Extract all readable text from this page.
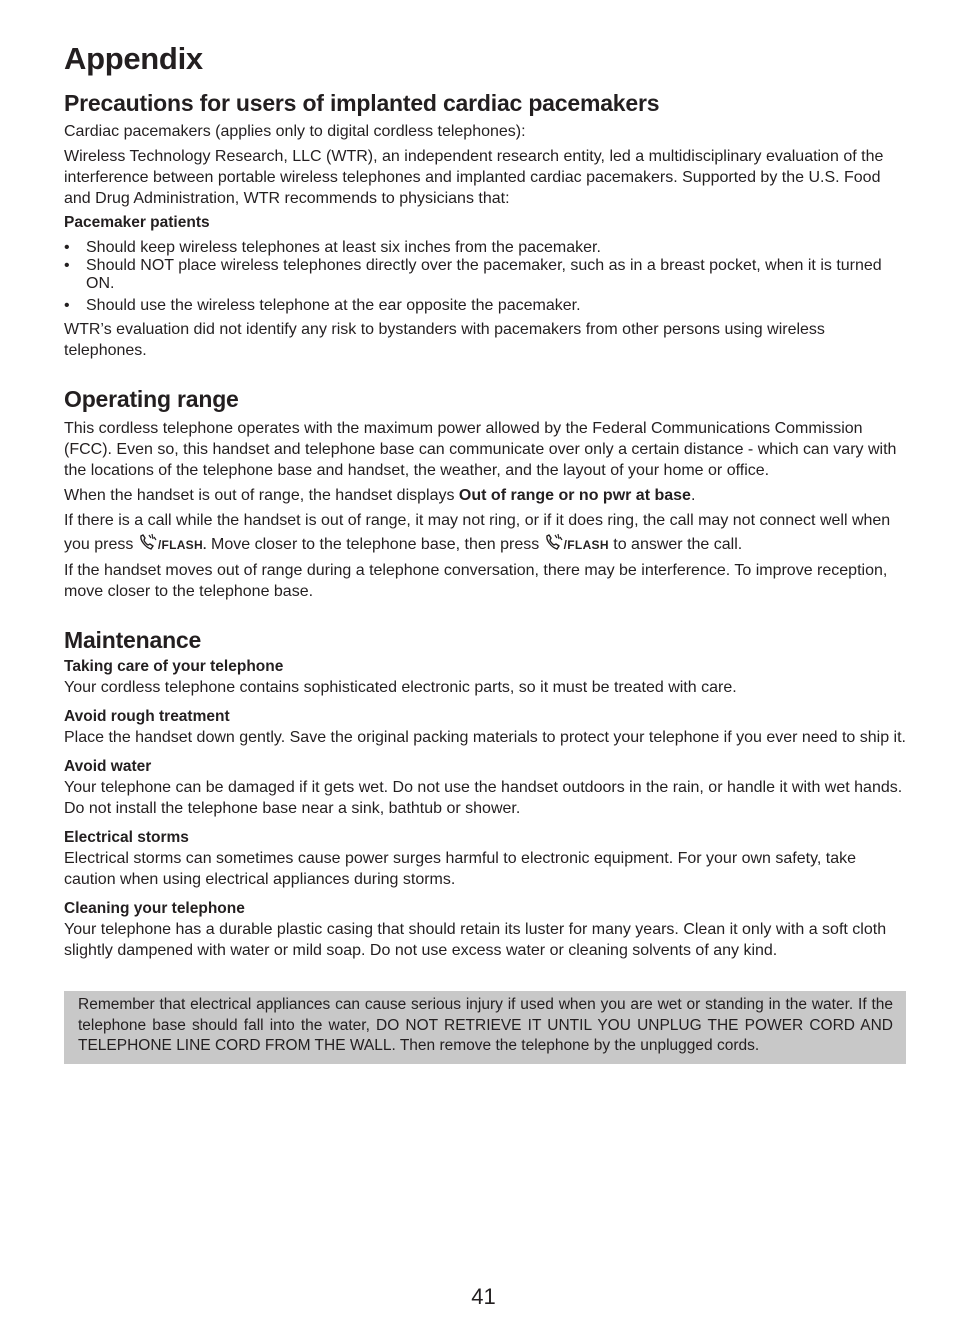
Appendix
Precautions for users of implanted cardiac pacemakers

Cardiac pacemakers (applies only to digital cordless telephones):

Wireless Technology Research, LLC (WTR), an independent research entity, led a multidisciplinary evaluation of the interference between portable wireless telephones and implanted cardiac pacemakers. Supported by the U.S. Food and Drug Administration, WTR recommends to physicians that:

Pacemaker patients

• Should keep wireless telephones at least six inches from the pacemaker.
• Should NOT place wireless telephones directly over the pacemaker, such as in a breast pocket, when it is turned ON.
• Should use the wireless telephone at the ear opposite the pacemaker.

WTR’s evaluation did not identify any risk to bystanders with pacemakers from other persons using wireless telephones.

Operating range

This cordless telephone operates with the maximum power allowed by the Federal Communications Commission (FCC). Even so, this handset and telephone base can communicate over only a certain distance - which can vary with the locations of the telephone base and handset, the weather, and the layout of your home or office.

When the handset is out of range, the handset displays Out of range or no pwr at base.

If there is a call while the handset is out of range, it may not ring, or if it does ring, the call may not connect well when you press /FLASH. Move closer to the telephone base, then press /FLASH to answer the call.

If the handset moves out of range during a telephone conversation, there may be interference. To improve reception, move closer to the telephone base.

Maintenance

Taking care of your telephone

Your cordless telephone contains sophisticated electronic parts, so it must be treated with care.

Avoid rough treatment

Place the handset down gently. Save the original packing materials to protect your telephone if you ever need to ship it.

Avoid water

Your telephone can be damaged if it gets wet. Do not use the handset outdoors in the rain, or handle it with wet hands. Do not install the telephone base near a sink, bathtub or shower.

Electrical storms

Electrical storms can sometimes cause power surges harmful to electronic equipment. For your own safety, take caution when using electrical appliances during storms.

Cleaning your telephone

Your telephone has a durable plastic casing that should retain its luster for many years. Clean it only with a soft cloth slightly dampened with water or mild soap. Do not use excess water or cleaning solvents of any kind.

Remember that electrical appliances can cause serious injury if used when you are wet or standing in the water. If the telephone base should fall into the water, DO NOT RETRIEVE IT UNTIL YOU UNPLUG THE POWER CORD AND TELEPHONE LINE CORD FROM THE WALL. Then remove the telephone by the unplugged cords.
41
